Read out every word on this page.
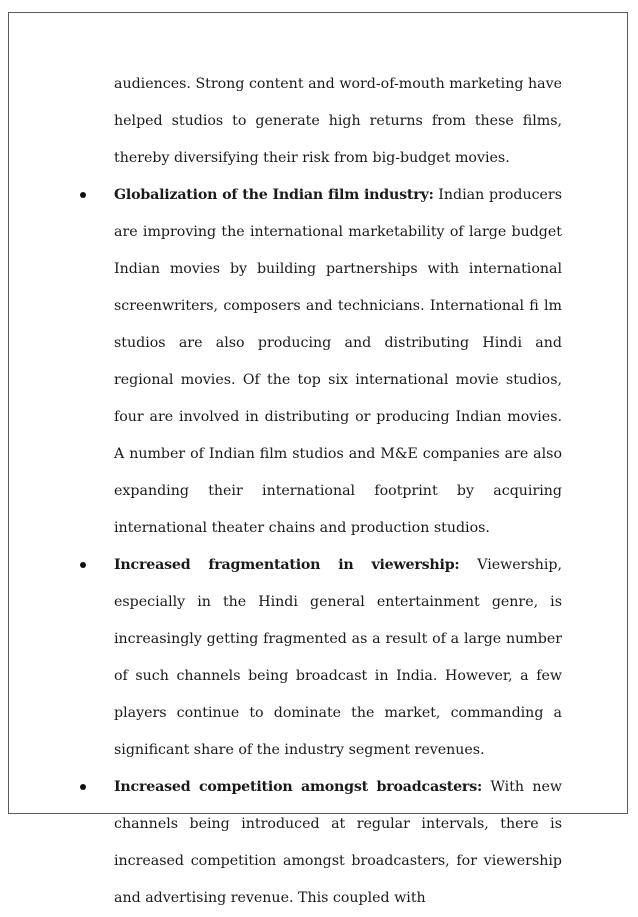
audiences. Strong content and word-of-mouth marketing have helped studios to generate high returns from these films, thereby diversifying their risk from big-budget movies.

Globalization of the Indian film industry: Indian producers are improving the international marketability of large budget Indian movies by building partnerships with international screenwriters, composers and technicians. International fi lm studios are also producing and distributing Hindi and regional movies. Of the top six international movie studios, four are involved in distributing or producing Indian movies. A number of Indian film studios and M&E companies are also expanding their international footprint by acquiring international theater chains and production studios.
Increased fragmentation in viewership: Viewership, especially in the Hindi general entertainment genre, is increasingly getting fragmented as a result of a large number of such channels being broadcast in India. However, a few players continue to dominate the market, commanding a significant share of the industry segment revenues.
Increased competition amongst broadcasters: With new channels being introduced at regular intervals, there is increased competition amongst broadcasters, for viewership and advertising revenue. This coupled with
